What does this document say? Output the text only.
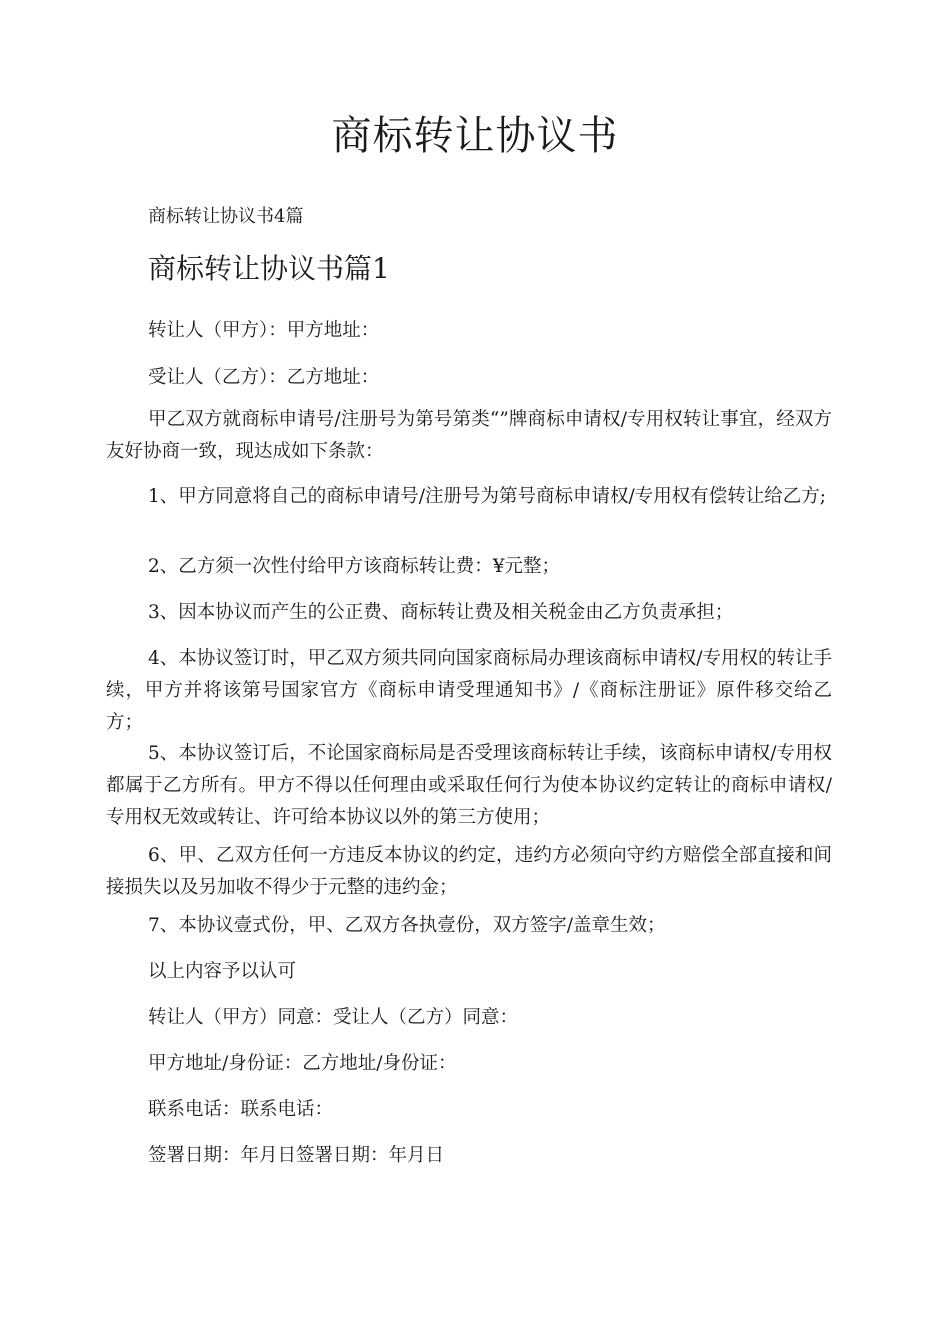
商标转让协议书

商标转让协议书4篇

商标转让协议书篇1

转让人（甲方）：甲方地址：

受让人（乙方）：乙方地址：

甲乙双方就商标申请号/注册号为第号第类“”牌商标申请权/专用权转让事宜，经双方友好协商一致，现达成如下条款：

1、甲方同意将自己的商标申请号/注册号为第号商标申请权/专用权有偿转让给乙方;

2、乙方须一次性付给甲方该商标转让费：¥元整；

3、因本协议而产生的公正费、商标转让费及相关税金由乙方负责承担；

4、本协议签订时，甲乙双方须共同向国家商标局办理该商标申请权/专用权的转让手续，甲方并将该第号国家官方《商标申请受理通知书》/《商标注册证》原件移交给乙方；

5、本协议签订后，不论国家商标局是否受理该商标转让手续，该商标申请权/专用权都属于乙方所有。甲方不得以任何理由或采取任何行为使本协议约定转让的商标申请权/专用权无效或转让、许可给本协议以外的第三方使用；

6、甲、乙双方任何一方违反本协议的约定，违约方必须向守约方赔偿全部直接和间接损失以及另加收不得少于元整的违约金；

7、本协议壹式份，甲、乙双方各执壹份，双方签字/盖章生效；

以上内容予以认可

转让人（甲方）同意：受让人（乙方）同意：

甲方地址/身份证：乙方地址/身份证：

联系电话：联系电话：

签署日期：年月日签署日期：年月日
